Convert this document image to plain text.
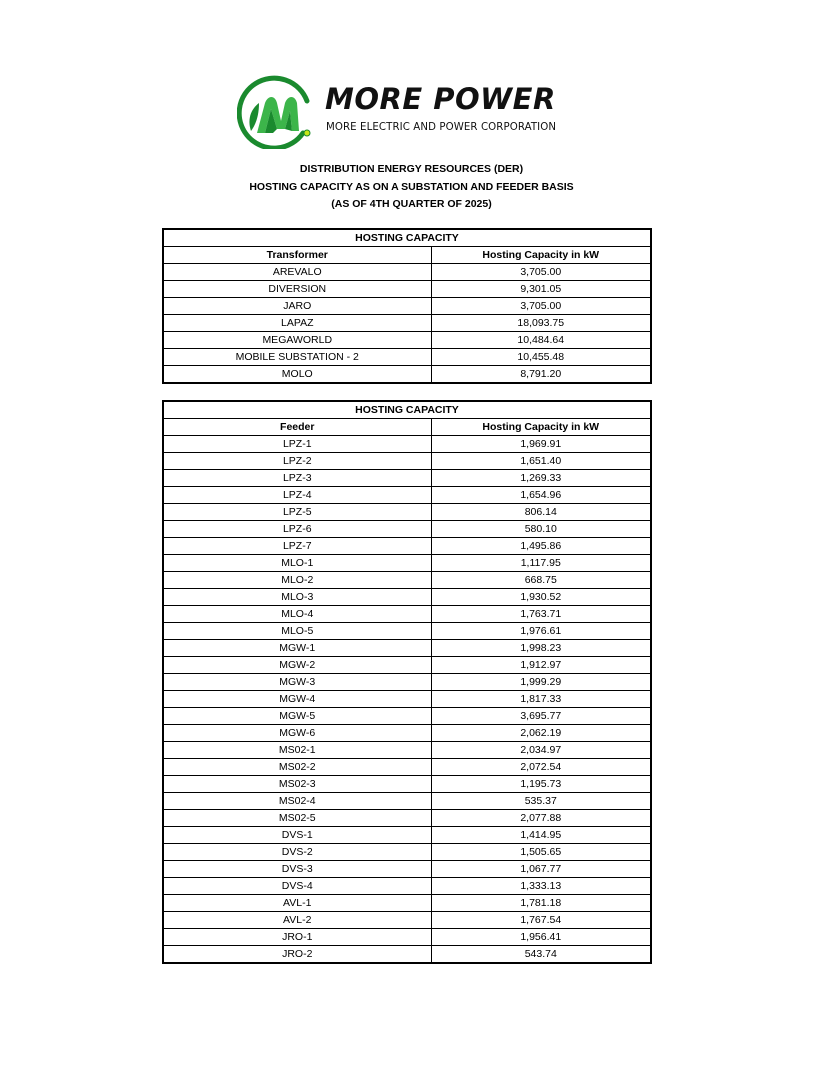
MORE POWER
MORE ELECTRIC AND POWER CORPORATION
DISTRIBUTION ENERGY RESOURCES (DER)
HOSTING CAPACITY AS ON A SUBSTATION AND FEEDER BASIS
(AS OF 4TH QUARTER OF 2025)
HOSTING CAPACITY	
Transformer	Hosting Capacity in kW
AREVALO	3,705.00
DIVERSION	9,301.05
JARO	3,705.00
LAPAZ	18,093.75
MEGAWORLD	10,484.64
MOBILE SUBSTATION - 2	10,455.48
MOLO	8,791.20
HOSTING CAPACITY	
Feeder	Hosting Capacity in kW
LPZ-1	1,969.91
LPZ-2	1,651.40
LPZ-3	1,269.33
LPZ-4	1,654.96
LPZ-5	806.14
LPZ-6	580.10
LPZ-7	1,495.86
MLO-1	1,117.95
MLO-2	668.75
MLO-3	1,930.52
MLO-4	1,763.71
MLO-5	1,976.61
MGW-1	1,998.23
MGW-2	1,912.97
MGW-3	1,999.29
MGW-4	1,817.33
MGW-5	3,695.77
MGW-6	2,062.19
MS02-1	2,034.97
MS02-2	2,072.54
MS02-3	1,195.73
MS02-4	535.37
MS02-5	2,077.88
DVS-1	1,414.95
DVS-2	1,505.65
DVS-3	1,067.77
DVS-4	1,333.13
AVL-1	1,781.18
AVL-2	1,767.54
JRO-1	1,956.41
JRO-2	543.74
